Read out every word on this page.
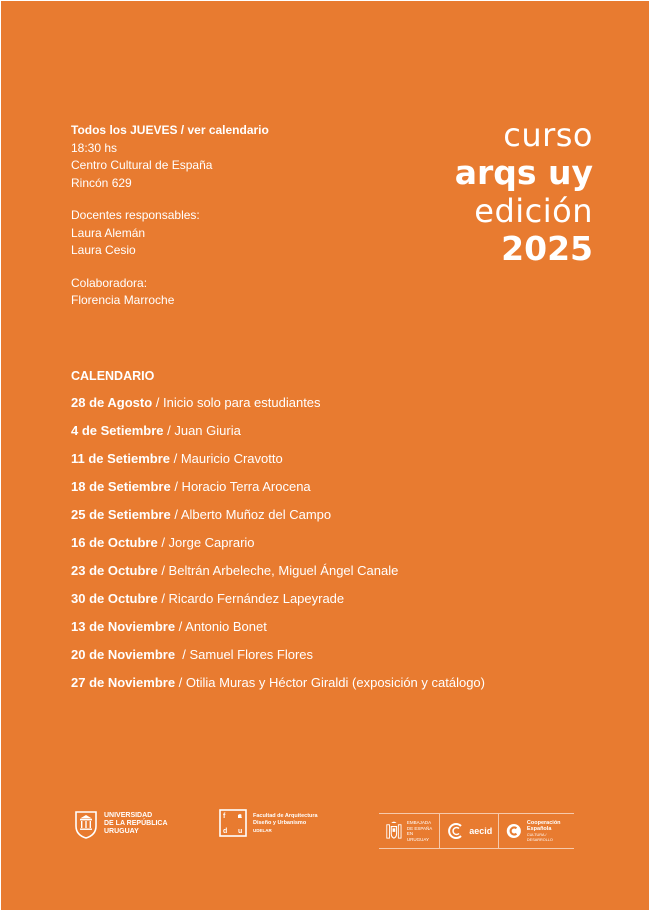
Todos los JUEVES / ver calendario
18:30 hs
Centro Cultural de España
Rincón 629
Docentes responsables:
Laura Alemán
Laura Cesio
Colaboradora:
Florencia Marroche
curso
arqs uy
edición
2025
CALENDARIO
28 de Agosto / Inicio solo para estudiantes
4 de Setiembre / Juan Giuria
11 de Setiembre / Mauricio Cravotto
18 de Setiembre / Horacio Terra Arocena
25 de Setiembre / Alberto Muñoz del Campo
16 de Octubre / Jorge Caprario
23 de Octubre / Beltrán Arbeleche, Miguel Ángel Canale
30 de Octubre / Ricardo Fernández Lapeyrade
13 de Noviembre / Antonio Bonet
20 de Noviembre  / Samuel Flores Flores
27 de Noviembre / Otilia Muras y Héctor Giraldi (exposición y catálogo)
UNIVERSIDAD
DE LA REPÚBLICA
URUGUAY
f a
d u
Facultad de Arquitectura
Diseño y Urbanismo
UDELAR
EMBAJADA
DE ESPAÑA
EN URUGUAY
aecid
Cooperación
Española
CULTURA / DESARROLLO
